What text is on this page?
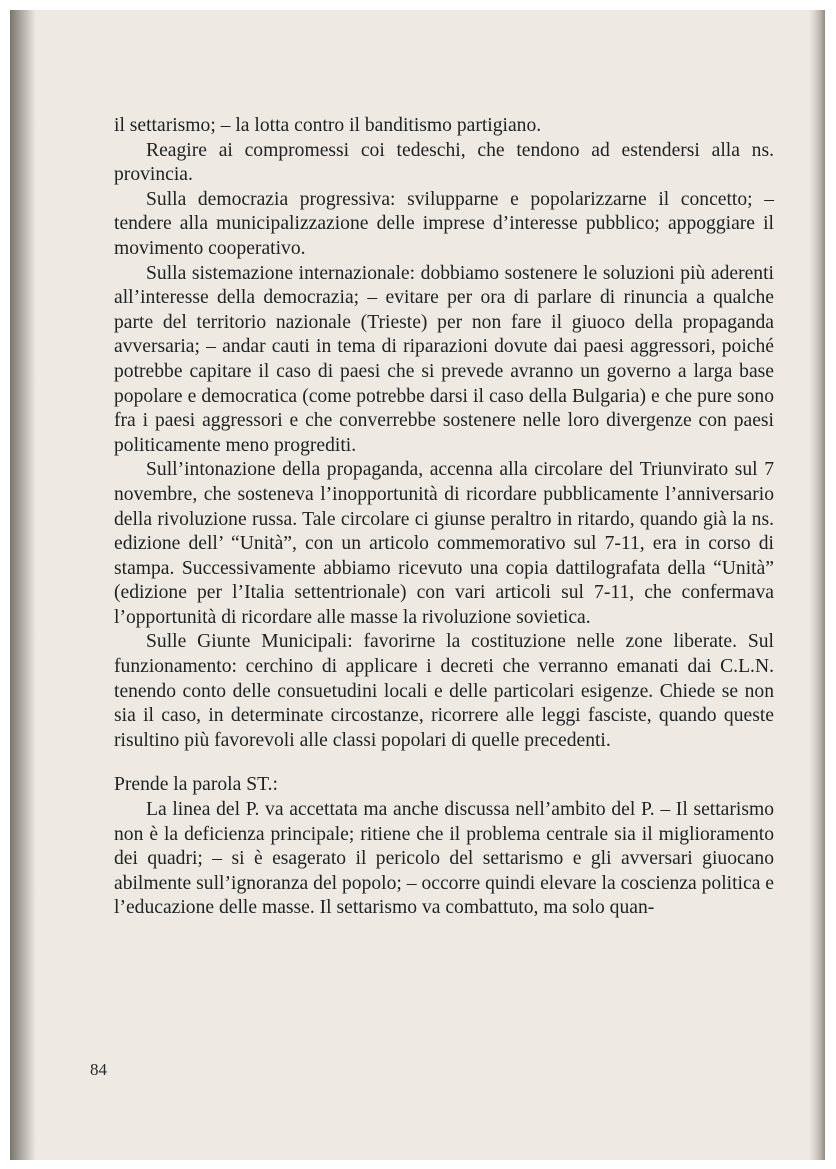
il settarismo; – la lotta contro il banditismo partigiano.

Reagire ai compromessi coi tedeschi, che tendono ad estendersi alla ns. provincia.

Sulla democrazia progressiva: svilupparne e popolarizzarne il concetto; – tendere alla municipalizzazione delle imprese d’interesse pubblico; appoggiare il movimento cooperativo.

Sulla sistemazione internazionale: dobbiamo sostenere le soluzioni più aderenti all’interesse della democrazia; – evitare per ora di parlare di rinuncia a qualche parte del territorio nazionale (Trieste) per non fare il giuoco della propaganda avversaria; – andar cauti in tema di riparazioni dovute dai paesi aggressori, poiché potrebbe capitare il caso di paesi che si prevede avranno un governo a larga base popolare e democratica (come potrebbe darsi il caso della Bulgaria) e che pure sono fra i paesi aggressori e che converrebbe sostenere nelle loro divergenze con paesi politicamente meno progrediti.

Sull’intonazione della propaganda, accenna alla circolare del Triunvirato sul 7 novembre, che sosteneva l’inopportunità di ricordare pubblicamente l’anniversario della rivoluzione russa. Tale circolare ci giunse peraltro in ritardo, quando già la ns. edizione dell’ “Unità”, con un articolo commemorativo sul 7-11, era in corso di stampa. Successivamente abbiamo ricevuto una copia dattilografata della “Unità” (edizione per l’Italia settentrionale) con vari articoli sul 7-11, che confermava l’opportunità di ricordare alle masse la rivoluzione sovietica.

Sulle Giunte Municipali: favorirne la costituzione nelle zone liberate. Sul funzionamento: cerchino di applicare i decreti che verranno emanati dai C.L.N. tenendo conto delle consuetudini locali e delle particolari esigenze. Chiede se non sia il caso, in determinate circostanze, ricorrere alle leggi fasciste, quando queste risultino più favorevoli alle classi popolari di quelle precedenti.

Prende la parola ST.:

La linea del P. va accettata ma anche discussa nell’ambito del P. – Il settarismo non è la deficienza principale; ritiene che il problema centrale sia il miglioramento dei quadri; – si è esagerato il pericolo del settarismo e gli avversari giuocano abilmente sull’ignoranza del popolo; – occorre quindi elevare la coscienza politica e l’educazione delle masse. Il settarismo va combattuto, ma solo quan-

84
